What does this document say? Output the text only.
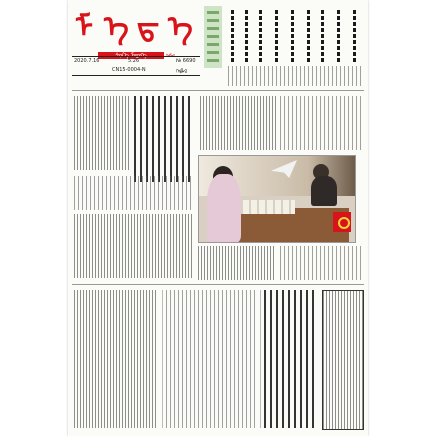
ᠮ ᠡ ᠳ ᠡ
2020.7.16	5.26	№ 6690
CN15-0004-N	ᠬᠡᠪᠯᠡᠯ
